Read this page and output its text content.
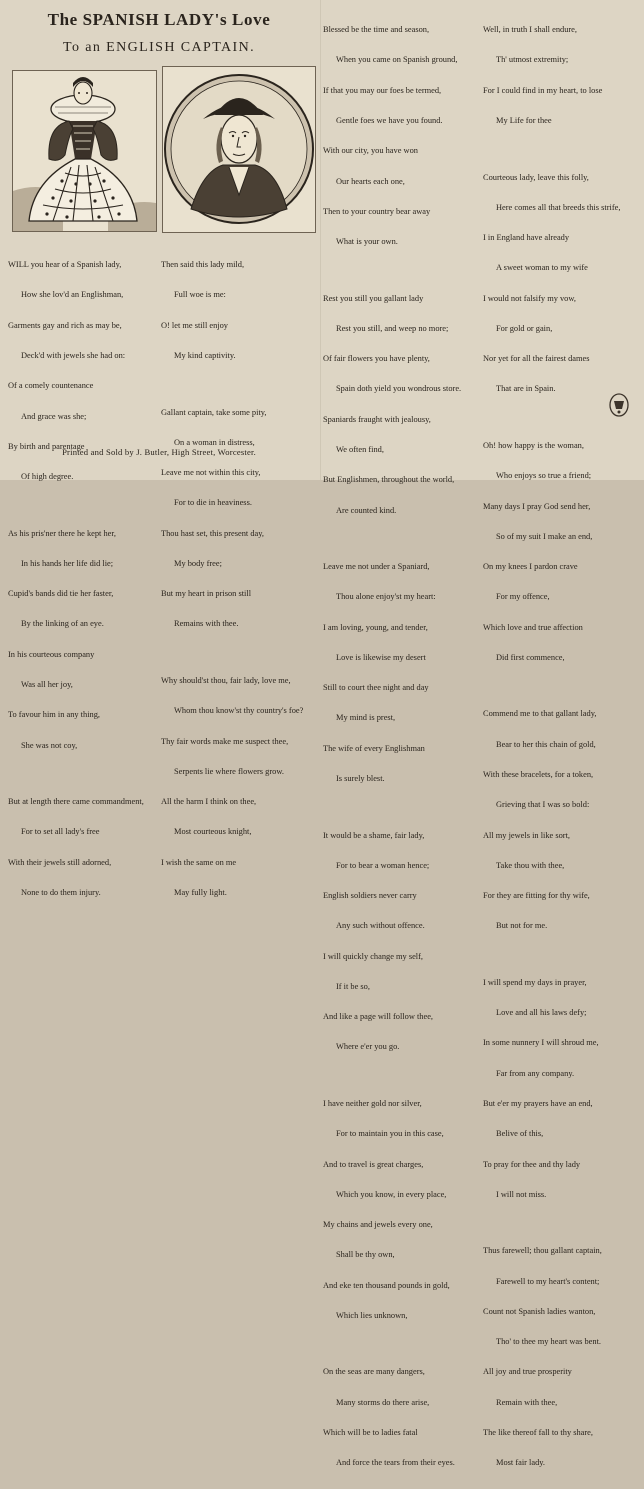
The SPANISH LADY's Love
To an ENGLISH CAPTAIN.

WILL you hear of a Spanish lady,

How she lov'd an Englishman,

Garments gay and rich as may be,

Deck'd with jewels she had on:

Of a comely countenance

And grace was she;

By birth and parentage

Of high degree.

As his pris'ner there he kept her,

In his hands her life did lie;

Cupid's bands did tie her faster,

By the linking of an eye.

In his courteous company

Was all her joy,

To favour him in any thing,

She was not coy,

But at length there came commandment,

For to set all lady's free

With their jewels still adorned,

None to do them injury.

Then said this lady mild,

Full woe is me:

O! let me still enjoy

My kind captivity.

Gallant captain, take some pity,

On a woman in distress,

Leave me not within this city,

For to die in heaviness.

Thou hast set, this present day,

My body free;

But my heart in prison still

Remains with thee.

Why should'st thou, fair lady, love me,

Whom thou know'st thy country's foe?

Thy fair words make me suspect thee,

Serpents lie where flowers grow.

All the harm I think on thee,

Most courteous knight,

I wish the same on me

May fully light.

Blessed be the time and season,

When you came on Spanish ground,

If that you may our foes be termed,

Gentle foes we have you found.

With our city, you have won

Our hearts each one,

Then to your country bear away

What is your own.

Rest you still you gallant lady

Rest you still, and weep no more;

Of fair flowers you have plenty,

Spain doth yield you wondrous store.

Spaniards fraught with jealousy,

We often find,

But Englishmen, throughout the world,

Are counted kind.

Leave me not under a Spaniard,

Thou alone enjoy'st my heart:

I am loving, young, and tender,

Love is likewise my desert

Still to court thee night and day

My mind is prest,

The wife of every Englishman

Is surely blest.

It would be a shame, fair lady,

For to bear a woman hence;

English soldiers never carry

Any such without offence.

I will quickly change my self,

If it be so,

And like a page will follow thee,

Where e'er you go.

I have neither gold nor silver,

For to maintain you in this case,

And to travel is great charges,

Which you know, in every place,

My chains and jewels every one,

Shall be thy own,

And eke ten thousand pounds in gold,

Which lies unknown,

On the seas are many dangers,

Many storms do there arise,

Which will be to ladies fatal

And force the tears from their eyes.

Well, in truth I shall endure,

Th' utmost extremity;

For I could find in my heart, to lose

My Life for thee

Courteous lady, leave this folly,

Here comes all that breeds this strife,

I in England have already

A sweet woman to my wife

I would not falsify my vow,

For gold or gain,

Nor yet for all the fairest dames

That are in Spain.

Oh! how happy is the woman,

Who enjoys so true a friend;

Many days I pray God send her,

So of my suit I make an end,

On my knees I pardon crave

For my offence,

Which love and true affection

Did first commence,

Commend me to that gallant lady,

Bear to her this chain of gold,

With these bracelets, for a token,

Grieving that I was so bold:

All my jewels in like sort,

Take thou with thee,

For they are fitting for thy wife,

But not for me.

I will spend my days in prayer,

Love and all his laws defy;

In some nunnery I will shroud me,

Far from any company.

But e'er my prayers have an end,

Belive of this,

To pray for thee and thy lady

I will not miss.

Thus farewell; thou gallant captain,

Farewell to my heart's content;

Count not Spanish ladies wanton,

Tho' to thee my heart was bent.

All joy and true prosperity

Remain with thee,

The like thereof fall to thy share,

Most fair lady.

Printed and Sold by J. Butler, High Street, Worcester.
